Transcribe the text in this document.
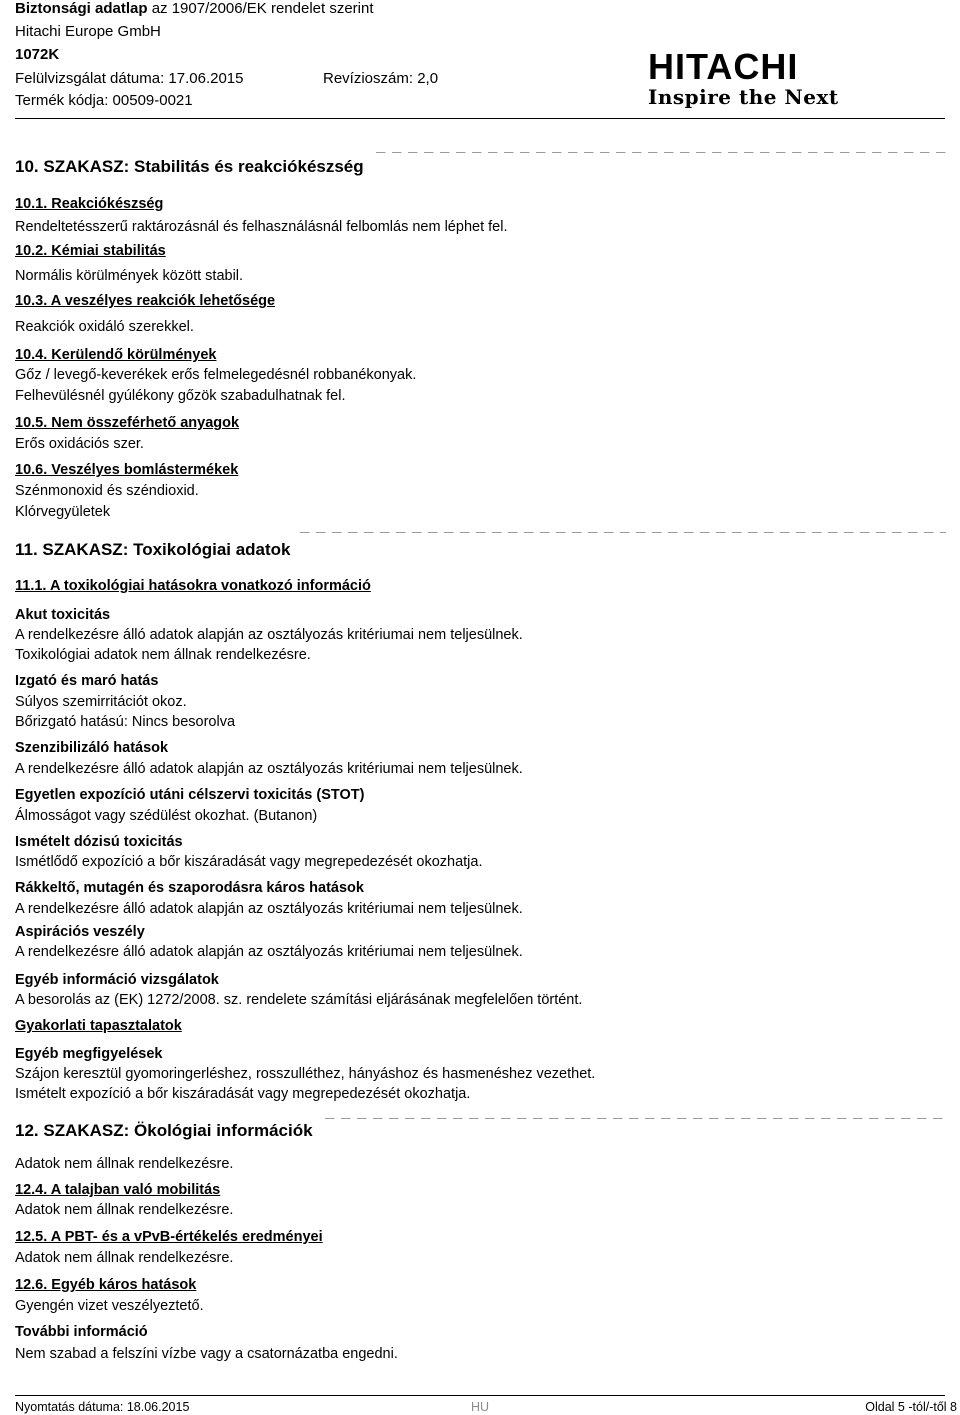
Biztonsági adatlap az 1907/2006/EK rendelet szerint
Hitachi Europe GmbH
1072K
Felülvizsgálat dátuma: 17.06.2015	Revízioszám: 2,0
Termék kódja: 00509-0021
HITACHI
Inspire the Next
10. SZAKASZ: Stabilitás és reakciókészség
10.1. Reakciókészség
Rendeltetésszerű raktározásnál és felhasználásnál felbomlás nem léphet fel.
10.2. Kémiai stabilitás
Normális körülmények között stabil.
10.3. A veszélyes reakciók lehetősége
Reakciók oxidáló szerekkel.
10.4. Kerülendő körülmények
Gőz / levegő-keverékek erős felmelegedésnél robbanékonyak.
Felhevülésnél gyúlékony gőzök szabadulhatnak fel.
10.5. Nem összeférhető anyagok
Erős oxidációs szer.
10.6. Veszélyes bomlástermékek
Szénmonoxid és széndioxid.
Klórvegyületek
11. SZAKASZ: Toxikológiai adatok
11.1. A toxikológiai hatásokra vonatkozó információ
Akut toxicitás
A rendelkezésre álló adatok alapján az osztályozás kritériumai nem teljesülnek.
Toxikológiai adatok nem állnak rendelkezésre.
Izgató és maró hatás
Súlyos szemirritációt okoz.
Bőrizgató hatású: Nincs besorolva
Szenzibilizáló hatások
A rendelkezésre álló adatok alapján az osztályozás kritériumai nem teljesülnek.
Egyetlen expozíció utáni célszervi toxicitás (STOT)
Álmosságot vagy szédülést okozhat. (Butanon)
Ismételt dózisú toxicitás
Ismétlődő expozíció a bőr kiszáradását vagy megrepedezését okozhatja.
Rákkeltő, mutagén és szaporodásra káros hatások
A rendelkezésre álló adatok alapján az osztályozás kritériumai nem teljesülnek.
Aspirációs veszély
A rendelkezésre álló adatok alapján az osztályozás kritériumai nem teljesülnek.
Egyéb információ vizsgálatok
A besorolás az (EK) 1272/2008. sz. rendelete számítási eljárásának megfelelően történt.
Gyakorlati tapasztalatok
Egyéb megfigyelések
Szájon keresztül gyomoringerléshez, rosszulléthez, hányáshoz és hasmenéshez vezethet.
Ismételt expozíció a bőr kiszáradását vagy megrepedezését okozhatja.
12. SZAKASZ: Ökológiai információk
Adatok nem állnak rendelkezésre.
12.4. A talajban való mobilitás
Adatok nem állnak rendelkezésre.
12.5. A PBT- és a vPvB-értékelés eredményei
Adatok nem állnak rendelkezésre.
12.6. Egyéb káros hatások
Gyengén vizet veszélyeztető.
További információ
Nem szabad a felszíni vízbe vagy a csatornázatba engedni.
Nyomtatás dátuma: 18.06.2015	HU	Oldal 5 -tól/-től 8
